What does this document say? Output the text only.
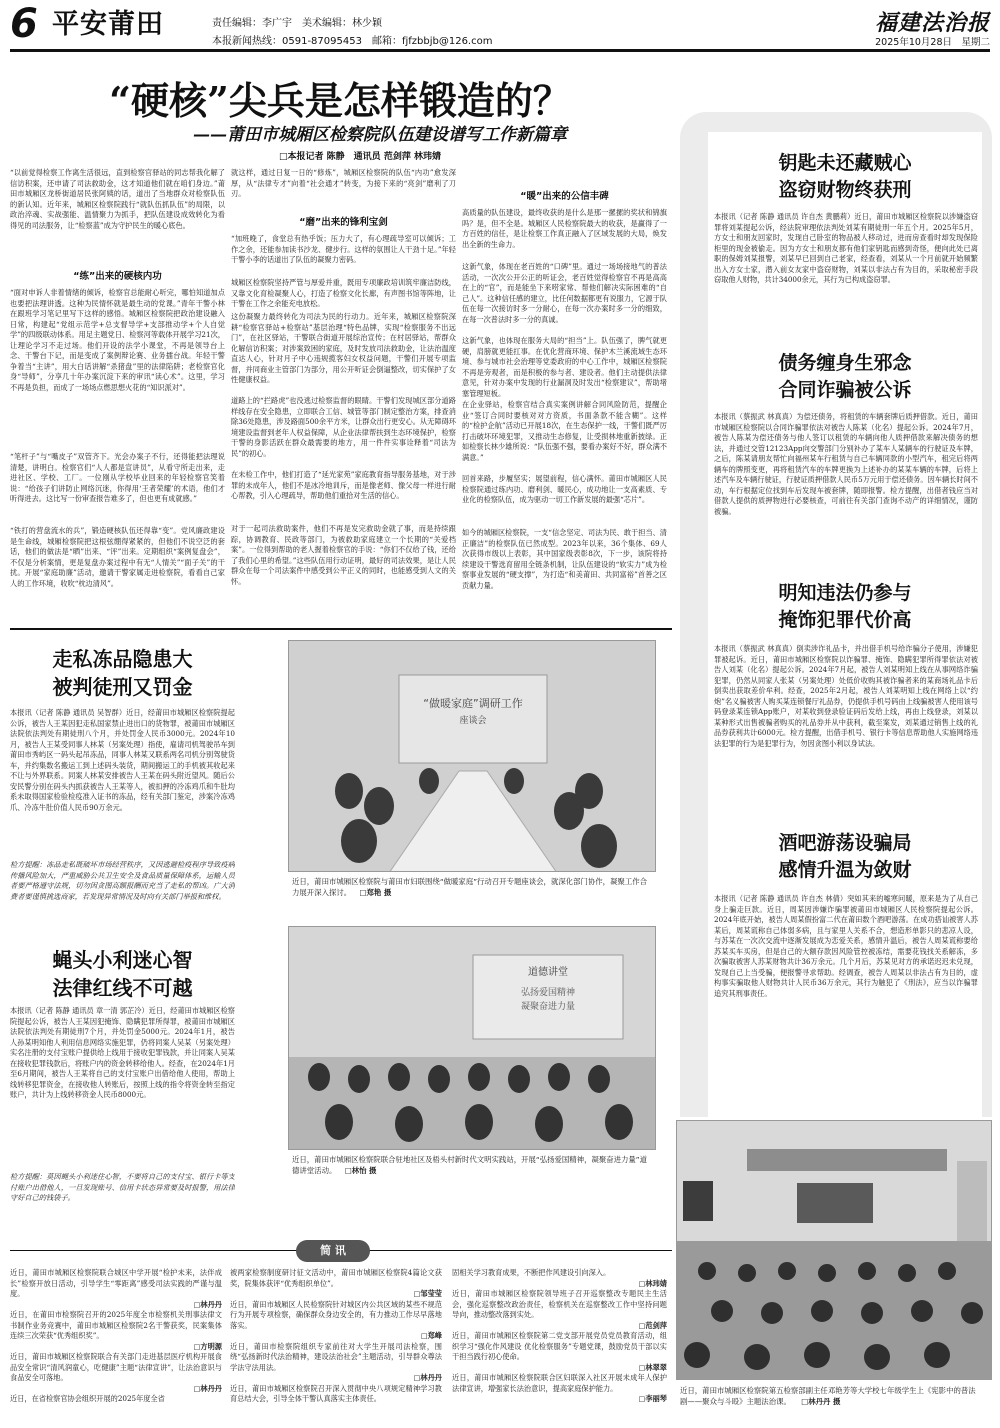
6 平安莆田	责任编辑：李广宇　美术编辑：林少颖
本报新闻热线：0591-87095453　邮箱：fjfzbbjb@126.com
福建法治报
2025年10月28日　星期二
“硬核”尖兵是怎样锻造的？
——莆田市城厢区检察院队伍建设谱写工作新篇章
□本报记者 陈静　通讯员 范剑萍 林玮婧
“以前觉得检察工作离生活很远，直到检察官驿站的同志帮我化解了信访积案，还申请了司法救助金，这才知道他们就在咱们身边。”莆田市城厢区龙桥街道居民张阿姨的话，道出了当地群众对检察队伍的新认知。近年来，城厢区检察院践行“就队伍抓队伍”的局限，以政治淬魂、实战强能、温情聚力为抓手，把队伍建设成效转化为看得见的司法服务，让“检察蓝”成为守护民生的暖心底色。
“练”出来的硬核内功
“面对申诉人非着情绪的倾诉，检察官总能耐心听完，哪怕知道加点也要把法理讲透。这种为民情怀就是最生动的党课。”青年干警小林在跟班学习笔记里写下这样的感悟。城厢区检察院把政治建设融入日常，构建起“党组示范学+总支督导学+支部推动学+个人自觉学”的四级联动体系。用足主题党日、检察河等载体开展学习21次，让理论学习不走过场。他们开设的法学小课堂，不再是领导台上念、干警台下记，而是变成了案例辩论赛、业务擂台战。年轻干警争着当“主讲”，用大白话讲解“杀猪盘”里的法律陷阱；老检察官化身“导师”，分享几十年办案沉淀下来的审讯“读心术”。这里，学习不再是负担，而成了一场场点燃思想火花的“知识派对”。
“笔杆子”与“嘴皮子”双管齐下。光会办案子不行，还得能把法理说清楚，讲明白。检察官们“人人都是宣讲员”，从看守所走出来，走进社区、学校、工厂。一位刚从学校毕业回来的年轻检察官笑着说：“给孩子们讲防止网络沉迷，你得用‘王者荣耀’的术语，他们才听得进去。这比写一份审查报告难多了，但也更有成就感。”
“铁打的营盘流水的兵”，锻造硬核队伍还得靠“变”。党风廉政建设是生命线，城厢检察院把这根弦绷得紧紧的，但他们不说空泛的套话，他们的做法是“晒”出来、“评”出来。定期组织“案例复盘会”，不仅是分析案情，更是复盘办案过程中有无“人情关”“面子关”的干扰。开展“家庭助廉”活动，邀请干警家属走进检察院，看看自己家人的工作环境，收吹“枕边清风”。
就这样，通过日复一日的“修炼”，城厢区检察院的队伍“内功”愈发深厚，从“法律专才”向着“社会通才”转变，为接下来的“亮剑”磨利了刀刃。
“磨”出来的锋利宝剑
“加班晚了，食堂总有热乎饭；压力大了，有心理疏导室可以倾诉；工作之余，还能参加读书沙龙、健步行。这样的氛围让人干劲十足。”年轻干警小李的话道出了队伍的凝聚力密码。
城厢区检察院坚持严管与厚爱并重，既用专项廉政培训筑牢廉洁防线，又靠文化育检凝聚人心，打造了检察文化长廊，有声图书馆等阵地，让干警在工作之余能充电放松。
这份凝聚力最终转化为司法为民的行动力。近年来，城厢区检察院深耕“检察官驿站+检察站”基层治理“特色品牌，实现“检察服务不出远门”，在社区驿站，干警联合街道开展综治宣传；在村居驿站，帮群众化解信访积案；对涉案致困的家庭，及时发放司法救助金，让法治温度直达人心，针对月子中心违规揽客妇女权益问题，干警们开展专项监督，并同商业主管部门为部分，用公开听证会倒逼整改，切实保护了女性健康权益。
道路上的“拦路虎”也没逃过检察监督的眼睛。干警们发现城区部分道路样线存在安全隐患，立即联合工信、城管等部门制定整治方案，排查消除36处隐患，涉及路面500余平方米，让群众出行更安心。从无障碍环境建设监督到老年人权益保障，从企业法律帮扶到生态环境保护，检察干警的身影活跃在群众最需要的地方，用一件件实事诠释着“司法为民”的初心。
在未检工作中，他们打造了“延光家苑”家庭教育指导服务基地，对于涉罪的未成年人，他们不是冰冷地训斥，而是像老师、像父母一样进行耐心帮教，引入心理疏导，帮助他们重拾对生活的信心。
对于一起司法救助案件，他们不再是发完救助金就了事，而是持续跟踪，协调教育、民政等部门，为被救助家庭建立一个长期的“关爱档案”。一位得到帮助的老人握着检察官的手说：“你们不仅给了钱，还给了我们心里的希望。”这些队伍用行动证明，最好的司法效果，是让人民群众在每一个司法案件中感受到公平正义的同时，也能感受到人文的关怀。
“暖”出来的公信丰碑
高质量的队伍建设，最终收获的是什么是那一摞摞的奖状和锦旗吗？是，但不全是。城厢区人民检察院最大的收获，是赢得了一方百姓的信任，是让检察工作真正融入了区域发展的大局，焕发出全新的生命力。
这新气象，体现在老百姓的“口碑”里。通过一场场接地气的普法活动，一次次公开公正的听证会，老百姓觉得检察官不再是高高在上的“官”，而是能坐下来唠家常、帮他们解决实际困难的“自己人”。这种信任感的建立，比任何数据都更有说服力，它源于队伍在每一次接访时多一分耐心，在每一次办案时多一分的细致，在每一次普法时多一分的真诚。
这新气象，也体现在服务大局的“担当”上。队伍强了，脾气就更硬，肩膀就更能扛事。在优化营商环境、保护木兰溪流域生态环境、参与城市社会治理等党委政府的中心工作中，城厢区检察院不再是旁观者，而是积极的参与者、建设者。他们主动提供法律意见，针对办案中发现的行业漏洞及时发出“检察建议”，帮助堵塞管理短板。
在企业驿站，检察官结合真实案例讲解合同风险防范，提醒企业“签订合同时要核对对方资质，书面条款不能含糊”。这样的“检护企航”活动已开展18次，在生态保护一线，干警们既严厉打击破坏环境犯罪，又推动生态修复，让受损林地重新披绿。正如检察长林少雄所说：“队伍强不强，要看办案好不好，群众满不满意。”
回首来路，步履坚实；展望前程，信心满怀。莆田市城厢区人民检察院通过练内功、磨利剑、暖民心，成功地让一支高素质、专业化的检察队伍，成为驱动一切工作新发展的最强“芯片”。
如今的城厢区检察院，一支“信念坚定、司法为民、敢于担当、清正廉洁”的检察队伍已然成型。2023年以来，36个集体、69人次获得市级以上表彰，其中国家级表彰8次，下一步，该院将持续建设干警选育留用全链条机制，让队伍建设的“软实力”成为检察事业发展的“硬支撑”，为打造“和美莆田、共同富裕”首善之区贡献力量。
钥匙未还藏贼心
盗窃财物终获刑
本报讯（记者 陈静 通讯员 许自杰 黄鹏莉）近日，莆田市城厢区检察院以涉嫌盗窃罪将刘某提起公诉，经法院审理依法判处刘某有期徒刑一年五个月。2025年5月，方女士和朋友回家时，发现自己卧室的物品被人移动过，进而房查看时却发现保险柜里的现金被偷走。因为方女士和朋友都有他们家钥匙而感到奇怪，便向此处已离职的保姆刘某报警，刘某早已回到自己老家，经查看，刘某从一个月前就开始频繁出入方女士家，潜入前女友家中盗窃财物，刘某以非法占有为目的，采取秘密手段窃取他人财物，共计34000余元，其行为已构成盗窃罪。
债务缠身生邪念
合同诈骗被公诉
本报讯（蔡振武 林真真）为偿还债务，将租赁的车辆套牌后质押借款。近日，莆田市城厢区检察院以合同诈骗罪依法对被告人陈某（化名）提起公诉。2024年7月，被告人陈某为偿还债务与他人签订以租赁的车辆向他人质押借款来解决债务的想法，并通过交管12123App向交警部门分别补办了某车人某辆车的行驶证及车牌，之后，陈某请朋友帮忙向福州某车行租赁与自己车辆同款的小型汽车，租完后将两辆车的牌照变更，再将租赁汽车的车牌更换为上述补办的某某车辆的车牌，后将上述汽车及车辆行驶证，行驶证质押借款人民币5万元用于偿还债务。因车辆长时间不动，车行根据定位找到车后发现车被套牌，随即报警。检方提醒，出借者钱应当对借款人提供的质押物进行必要核查，可前往有关部门查询不动产的详细情况，谨防被骗。
明知违法仍参与
掩饰犯罪代价高
本报讯（蔡振武 林真真）倒卖涉诈礼品卡，并出借手机号给诈骗分子使用，涉嫌犯罪被起诉。近日，莆田市城厢区检察院以诈骗罪、掩饰、隐瞒犯罪所得罪依法对被告人刘某（化名）提起公诉。2024年7月起，被告人刘某明知上线在从事网络诈骗犯罪，仍然从同家人张某（另案处理）处低价收购其被诈骗者来的某商场礼品卡后倒卖出获取差价牟利。经查，2025年2月起，被告人刘某明知上线在网络上以“约炮”名义骗被害人购买某连锁餐厅礼品券，仍提供手机号码由上线骗被害人使用该号码登录某连锁App账户，对某收到登录验证码后发给上线，再由上线登录，刘某以某种形式出售被骗者购买的礼品券并从中获利，截至案发，刘某通过销售上线的礼品券获利共计6000元。检方提醒，出借手机号、银行卡等信息帮助他人实施网络违法犯罪的行为是犯罪行为，勿因贪图小利以身试法。
酒吧游荡设骗局
感情升温为敛财
本报讯（记者 陈静 通讯员 许自杰 林倩）突如其来的嘘寒问暖，原来是为了从自己身上骗走巨款。近日，周某因涉嫌诈骗罪被莆田市城厢区人民检察院提起公诉。2024年底开始，被告人周某假扮富二代在莆田数个酒吧游荡。在成功搭讪被害人苏某后，周某谎称自己体弱多病，且与家里人关系不合，想造形单影只的悲凉人设，与苏某在一次次交流中逐渐发展成为恋爱关系，感情升温后，被告人周某谎称要给苏某买车买房，但是自己的大额存款因风险管控被冻结，需要花钱找关系解冻，多次骗取被害人苏某财物共计36万余元。几个月后，苏某见对方的承诺迟迟未兑现，发现自己上当受骗，便报警寻求帮助。经调查，被告人周某以非法占有为目的，虚构事实骗取他人财物共计人民币36万余元，其行为触犯了《刑法》，应当以诈骗罪追究其刑事责任。
近日，莆田市城厢区检察院第五检察部副主任邓艳芳等大学校七年级学生上《宪影中的普法剧——聚众与斗殴》主题法治课。 □林丹丹 摄
走私冻品隐患大
被判徒刑又罚金
本报讯（记者 陈静 通讯员 吴智群）近日，经莆田市城厢区检察院提起公诉，被告人王某因犯走私国家禁止进出口的货物罪，被莆田市城厢区法院依法判处有期徒刑八个月，并处罚金人民币3000元。2024年10月，被告人王某受同事人林某（另案处理）指使，雇请司机驾驶吊车到莆田市秀屿区一码头起吊冻品，同事人林某又联系两名司机分别驾驶货车，并约集数名搬运工到上述码头装货，期间搬运工的手机被其收起来不让与外界联系。同案人林某安排被告人王某在码头附近望风。随后公安民警分别在码头内抓获被告人王某等人，被扣押的冷冻鸡爪和牛肚均系未取得国家检验检疫准入证书的冻品，经有关部门鉴定，涉案冷冻鸡爪、冷冻牛肚价值人民币90万余元。
检方提醒：冻品走私既破坏市场经营秩序，又因逃避检疫程序导致疫病传播风险加大，严重威胁公共卫生安全及食品质量保障体系，运输人员者要严格遵守法规，切勿因贪图高额报酬而充当了走私的帮凶。广大消费者要谨慎挑选商家，若发现异常情况及时向有关部门举报和维权。
蝇头小利迷心智
法律红线不可越
本报讯（记者 陈静 通讯员 章一清 郭芷冷）近日，经莆田市城厢区检察院提起公诉，被告人王某因犯掩饰、隐瞒犯罪所得罪，被莆田市城厢区法院依法判处有期徒刑7个月，并处罚金5000元。2024年1月，被告人孙某明知他人利用信息网络实施犯罪，仍将同案人吴某（另案处理）实名注册的支付宝账户提供给上线用于接收犯罪钱款，并让同案人吴某在接收犯罪钱款后，将账户内的资金转移给他人。经查，在2024年1月至6月期间，被告人王某将自己的支付宝账户出借给他人使用，帮助上线转移犯罪资金，在接收他人转账后，按照上线的指令将资金转至指定账户，共计为上线转移资金人民币8000元。
检方提醒：莫因蝇头小利迷住心智，不要将自己的支付宝、银行卡等支付账户出借他人，一旦发现账号、信用卡状态异常要及时报警，用法律守好自己的钱袋子。
“做暖家庭”调研工作
座谈会
近日，莆田市城厢区检察院与莆田市妇联围绕“做暖家庭”行动召开专题座谈会，就深化部门协作，凝聚工作合力展开深入探讨。 □郑艳 摄
道德讲堂
弘扬爱国精神
凝聚奋进力量
近日，莆田市城厢区检察院联合驻地社区及梧头村新时代文明实践站，开展“弘扬爱国精神，凝聚奋进力量”道德讲堂活动。 □林怡 摄
简 讯
近日，莆田市城厢区检察院联合城区中学开展“检护未来，法伴成长”检察开放日活动，引导学生“零距离”感受司法实践的严谨与温度。
□林丹丹
近日，在莆田市检察院召开的2025年度全市检察机关刑事法律文书制作业务竞赛中，莆田市城厢区检察院2名干警获奖，民案集体连续三次荣获“优秀组织奖”。
□方明源
近日，莆田市城厢区检察院联合有关部门走进基层医疗机构开展食品安全常识“清风润童心，吃健康”主题“法律宣讲”，让法治意识与食品安全可落地。
□林丹丹
近日，在省检察官协会组织开展的2025年度全省
被两家检察制度研讨征文活动中，莆田市城厢区检察院4篇论文获奖，院集体获评“优秀组织单位”。
□邹莹莹
近日，莆田市城厢区人民检察院针对城区内公共区域的某些不规范行为开展专项检察，确保群众身边安全的，有力推动工作尽早落地落实。
□郑峰
近日，莆田市检察院组织专家前往对大学生开展司法检察，围绕“弘扬新时代法治精神，建设法治社会”主题活动，引导群众尊法学法守法用法。
□林丹丹
近日，莆田市城厢区检察院召开深入贯彻中央八项规定精神学习教育总结大会，引导全体干警认真落实主体责任。
固相关学习教育成果，不断把作风建设引向深入。
□林玮婧
近日，莆田市城厢区检察院领导班子召开巡察整改专题民主生活会，强化巡察整改政治责任，检察机关在巡察整改工作中坚持问题导向，推动整改落到实处。
□范剑萍
近日，莆田市城厢区检察院第二党支部开展党员党员教育活动，组织学习“强化作风建设 优化检察服务”专题党课，鼓励党员干部以实干担当践行初心使命。
□林翠翠
近日，莆田市城厢区检察院联合区妇联深入社区开展未成年人保护法律宣讲，增强家长法治意识，提高家庭保护能力。
□李丽琴
